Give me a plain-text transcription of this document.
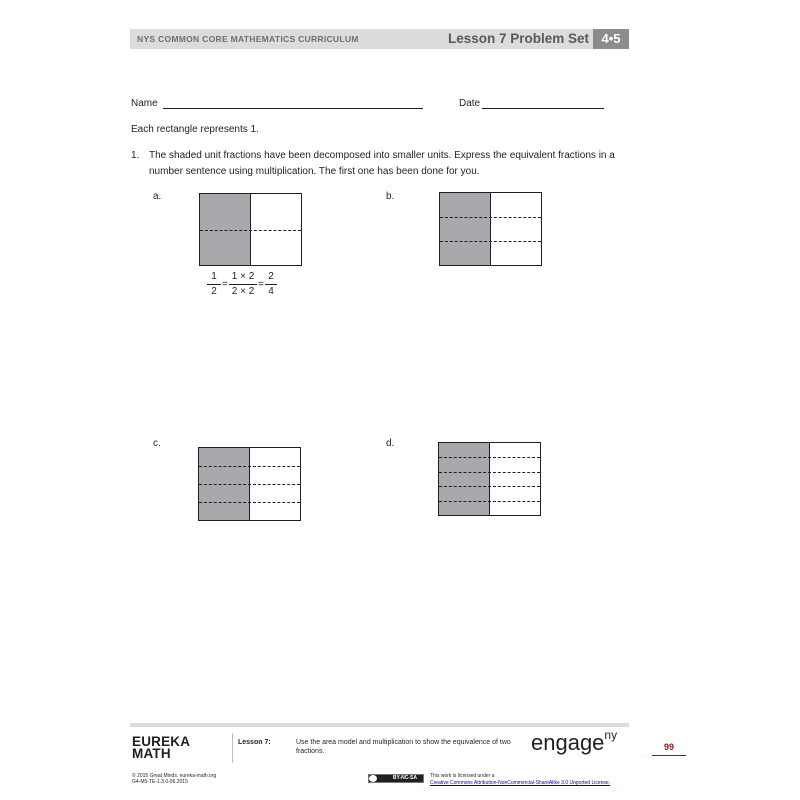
NYS COMMON CORE MATHEMATICS CURRICULUM	Lesson 7 Problem Set 4•5
Name	Date
Each rectangle represents 1.
1. The shaded unit fractions have been decomposed into smaller units. Express the equivalent fractions in a
number sentence using multiplication. The first one has been done for you.
a.	b.
c.	d.
1
2
=
1 × 2
2 × 2
=
2
4
EUREKA
MATH
Lesson 7:	Use the area model and multiplication to show the equivalence of two fractions.	engage$^{ny}$
99
© 2015 Great Minds. eureka-math.org
G4-M5-TE-1.3.0-06.2015
BY-NC-SA	This work is licensed under a
Creative Commons Attribution-NonCommercial-ShareAlike 3.0 Unported License.
